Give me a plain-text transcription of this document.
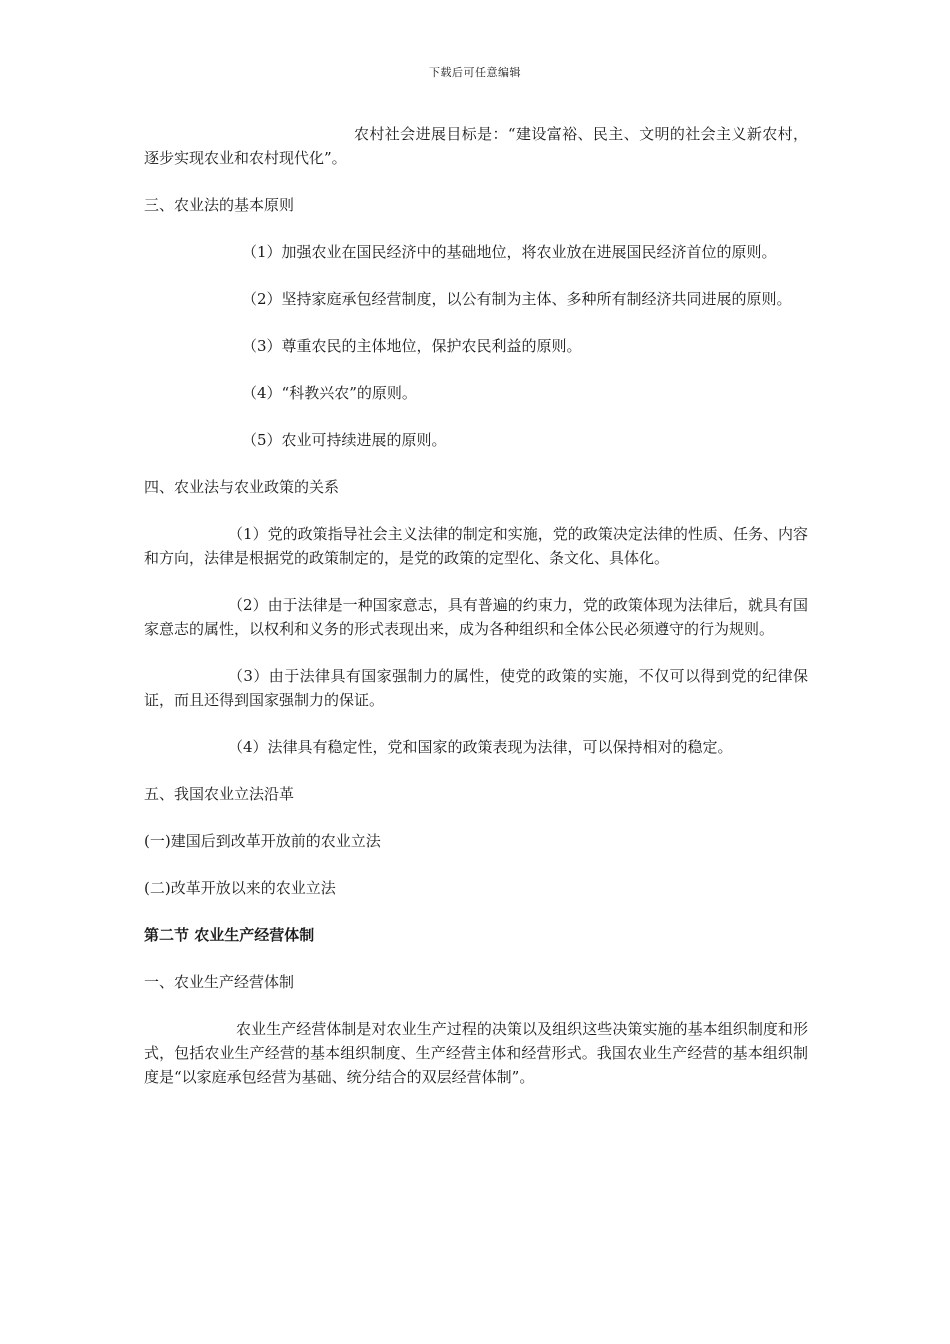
下载后可任意编辑

农村社会进展目标是：“建设富裕、民主、文明的社会主义新农村，逐步实现农业和农村现代化”。

三、农业法的基本原则

（1）加强农业在国民经济中的基础地位，将农业放在进展国民经济首位的原则。

（2）坚持家庭承包经营制度，以公有制为主体、多种所有制经济共同进展的原则。

（3）尊重农民的主体地位，保护农民利益的原则。

（4）“科教兴农”的原则。

（5）农业可持续进展的原则。

四、农业法与农业政策的关系

（1）党的政策指导社会主义法律的制定和实施，党的政策决定法律的性质、任务、内容和方向，法律是根据党的政策制定的，是党的政策的定型化、条文化、具体化。

（2）由于法律是一种国家意志，具有普遍的约束力，党的政策体现为法律后，就具有国家意志的属性，以权利和义务的形式表现出来，成为各种组织和全体公民必须遵守的行为规则。

（3）由于法律具有国家强制力的属性，使党的政策的实施，不仅可以得到党的纪律保证，而且还得到国家强制力的保证。

（4）法律具有稳定性，党和国家的政策表现为法律，可以保持相对的稳定。

五、我国农业立法沿革

(一)建国后到改革开放前的农业立法

(二)改革开放以来的农业立法

第二节 农业生产经营体制

一、农业生产经营体制

农业生产经营体制是对农业生产过程的决策以及组织这些决策实施的基本组织制度和形式，包括农业生产经营的基本组织制度、生产经营主体和经营形式。我国农业生产经营的基本组织制度是“以家庭承包经营为基础、统分结合的双层经营体制”。
